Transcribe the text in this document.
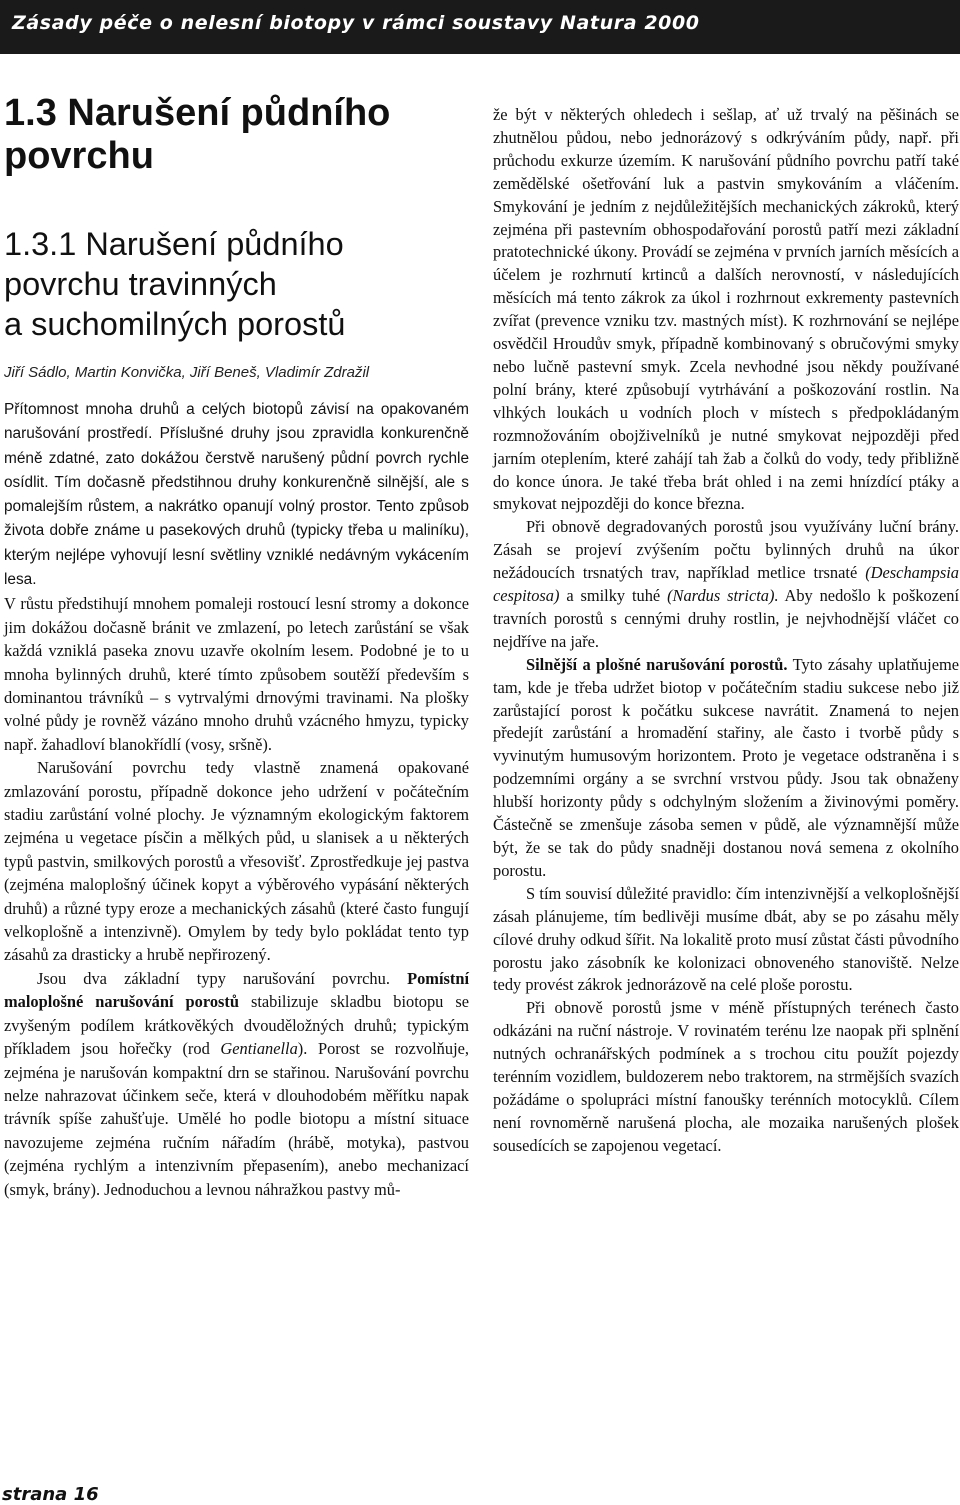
Zásady péče o nelesní biotopy v rámci soustavy Natura 2000
1.3 Narušení půdního povrchu
1.3.1 Narušení půdního
povrchu travinných
a suchomilných porostů

Jiří Sádlo, Martin Konvička, Jiří Beneš, Vladimír Zdražil

Přítomnost mnoha druhů a celých biotopů závisí na opakovaném narušování prostředí. Příslušné druhy jsou zpravidla konkurenčně méně zdatné, zato dokážou čerstvě narušený půdní povrch rychle osídlit. Tím dočasně předstihnou druhy konkurenčně silnější, ale s pomalejším růstem, a nakrátko opanují volný prostor. Tento způsob života dobře známe u pasekových druhů (typicky třeba u maliníku), kterým nejlépe vyhovují lesní světliny vzniklé nedávným vykácením lesa.

V růstu předstihují mnohem pomaleji rostoucí lesní stromy a dokonce jim dokážou dočasně bránit ve zmlazení, po letech zarůstání se však každá vzniklá paseka znovu uzavře okolním lesem. Podobné je to u mnoha bylinných druhů, které tímto způsobem soutěží především s dominantou trávníků – s vytrvalými drnovými travinami. Na plošky volné půdy je rovněž vázáno mnoho druhů vzácného hmyzu, typicky např. žahadloví blanokřídlí (vosy, sršně).

Narušování povrchu tedy vlastně znamená opakované zmlazování porostu, případně dokonce jeho udržení v počátečním stadiu zarůstání volné plochy. Je významným ekologickým faktorem zejména u vegetace písčin a mělkých půd, u slanisek a u některých typů pastvin, smilkových porostů a vřesovišť. Zprostředkuje jej pastva (zejména maloplošný účinek kopyt a výběrového vypásání některých druhů) a různé typy eroze a mechanických zásahů (které často fungují velkoplošně a intenzivně). Omylem by tedy bylo pokládat tento typ zásahů za drasticky a hrubě nepřirozený.

Jsou dva základní typy narušování povrchu. Pomístní maloplošné narušování porostů stabilizuje skladbu biotopu se zvyšeným podílem krátkověkých dvouděložných druhů; typickým příkladem jsou hořečky (rod Gentianella). Porost se rozvolňuje, zejména je narušován kompaktní drn se stařinou. Narušování povrchu nelze nahrazovat účinkem seče, která v dlouhodobém měřítku napak trávník spíše zahušťuje. Umělé ho podle biotopu a místní situace navozujeme zejména ručním nářadím (hrábě, motyka), pastvou (zejména rychlým a intenzivním přepasením), anebo mechanizací (smyk, brány). Jednoduchou a levnou náhražkou pastvy mů-

že být v některých ohledech i sešlap, ať už trvalý na pěšinách se zhutnělou půdou, nebo jednorázový s odkrýváním půdy, např. při průchodu exkurze územím. K narušování půdního povrchu patří také zemědělské ošetřování luk a pastvin smykováním a vláčením. Smykování je jedním z nejdůležitějších mechanických zákroků, který zejména při pastevním obhospodařování porostů patří mezi základní pratotechnické úkony. Provádí se zejména v prvních jarních měsících a účelem je rozhrnutí krtinců a dalších nerovností, v následujících měsících má tento zákrok za úkol i rozhrnout exkrementy pastevních zvířat (prevence vzniku tzv. mastných míst). K rozhrnování se nejlépe osvědčil Hroudův smyk, případně kombinovaný s obručovými smyky nebo lučně pastevní smyk. Zcela nevhodné jsou někdy používané polní brány, které způsobují vytrhávání a poškozování rostlin. Na vlhkých loukách u vodních ploch v místech s předpokládaným rozmnožováním obojživelníků je nutné smykovat nejpozději před jarním oteplením, které zahájí tah žab a čolků do vody, tedy přibližně do konce února. Je také třeba brát ohled i na zemi hnízdící ptáky a smykovat nejpozději do konce března.

Při obnově degradovaných porostů jsou využívány luční brány. Zásah se projeví zvýšením počtu bylinných druhů na úkor nežádoucích trsnatých trav, například metlice trsnaté (Deschampsia cespitosa) a smilky tuhé (Nardus stricta). Aby nedošlo k poškození travních porostů s cennými druhy rostlin, je nejvhodnější vláčet co nejdříve na jaře.

Silnější a plošné narušování porostů. Tyto zásahy uplatňujeme tam, kde je třeba udržet biotop v počátečním stadiu sukcese nebo již zarůstající porost k počátku sukcese navrátit. Znamená to nejen předejít zarůstání a hromadění stařiny, ale často i tvorbě půdy s vyvinutým humusovým horizontem. Proto je vegetace odstraněna i s podzemními orgány a se svrchní vrstvou půdy. Jsou tak obnaženy hlubší horizonty půdy s odchylným složením a živinovými poměry. Částečně se zmenšuje zásoba semen v půdě, ale významnější může být, že se tak do půdy snadněji dostanou nová semena z okolního porostu.

S tím souvisí důležité pravidlo: čím intenzivnější a velkoplošnější zásah plánujeme, tím bedlivěji musíme dbát, aby se po zásahu měly cílové druhy odkud šířit. Na lokalitě proto musí zůstat části původního porostu jako zásobník ke kolonizaci obnoveného stanoviště. Nelze tedy provést zákrok jednorázově na celé ploše porostu.

Při obnově porostů jsme v méně přístupných terénech často odkázáni na ruční nástroje. V rovinatém terénu lze naopak při splnění nutných ochranářských podmínek a s trochou citu použít pojezdy terénním vozidlem, buldozerem nebo traktorem, na strmějších svazích požádáme o spolupráci místní fanoušky terénních motocyklů. Cílem není rovnoměrně narušená plocha, ale mozaika narušených plošek sousedících se zapojenou vegetací.

strana 16
